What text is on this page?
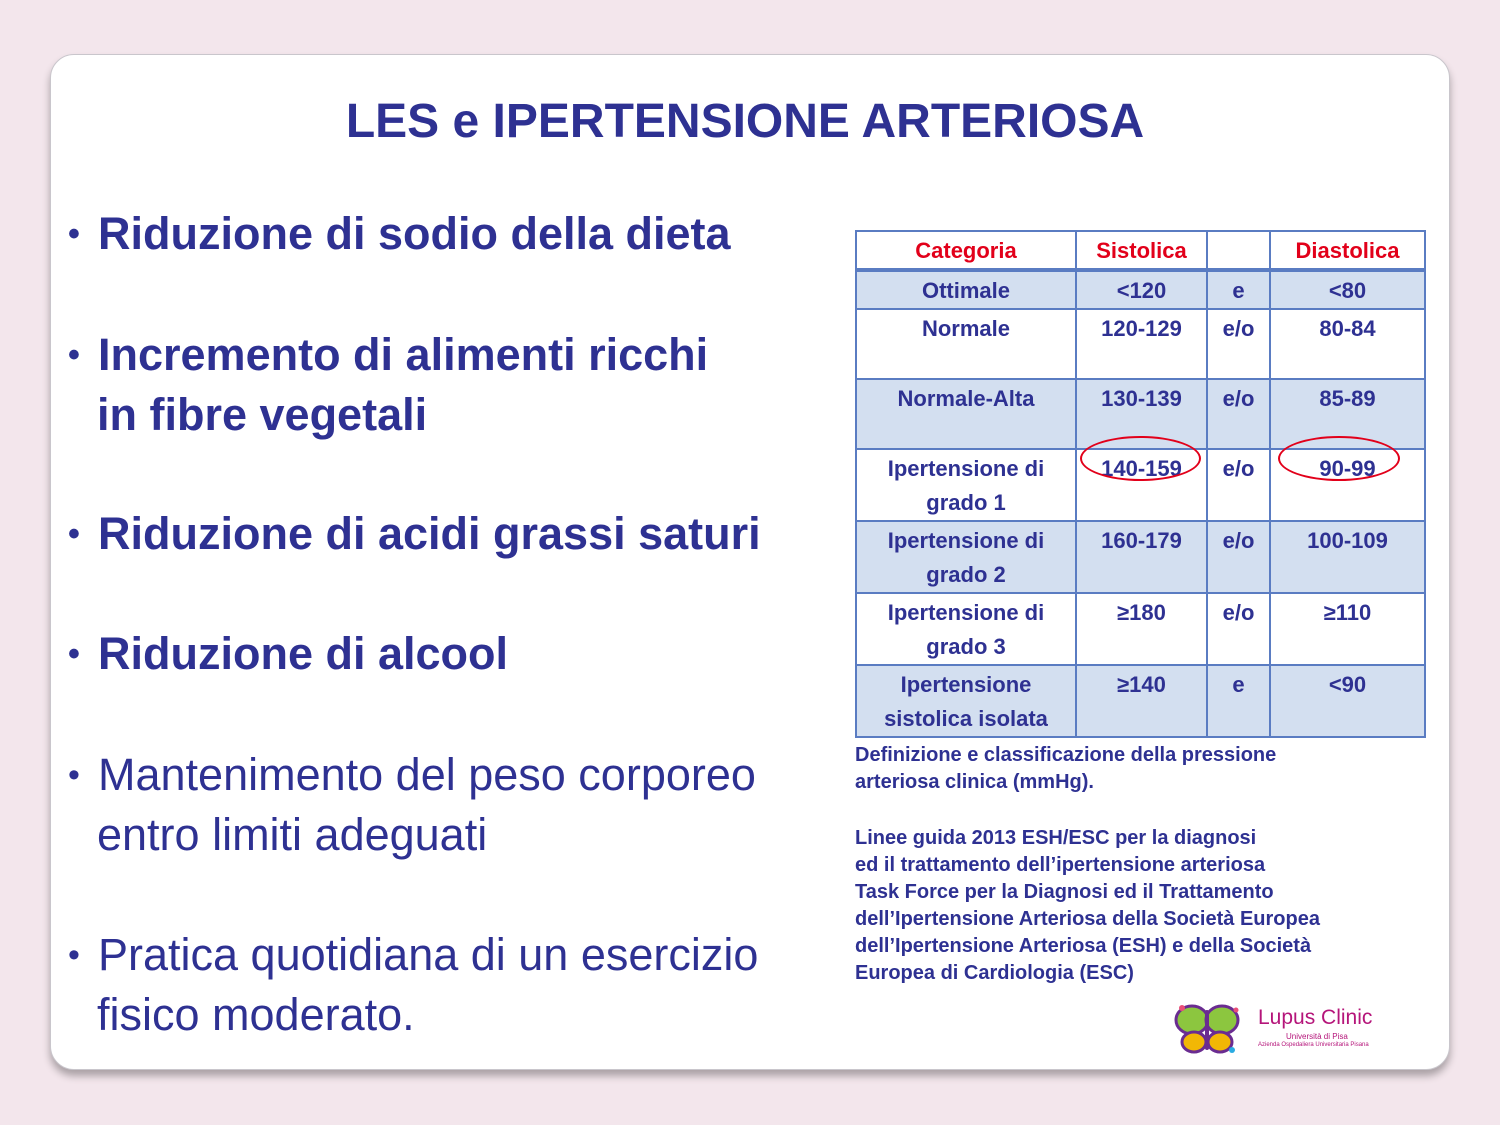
LES e IPERTENSIONE ARTERIOSA
• Riduzione di sodio della dieta
• Incremento di alimenti ricchi
in fibre vegetali
• Riduzione di acidi grassi saturi
• Riduzione di alcool
• Mantenimento del peso corporeo
entro limiti adeguati
• Pratica quotidiana di un esercizio
fisico moderato.
Categoria	Sistolica		Diastolica
Ottimale	<120	e	<80
Normale	120-129	e/o	80-84
Normale-Alta	130-139	e/o	85-89
Ipertensione di grado 1	140-159	e/o	90-99
Ipertensione di grado 2	160-179	e/o	100-109
Ipertensione di grado 3	≥180	e/o	≥110
Ipertensione sistolica isolata	≥140	e	<90
Definizione e classificazione della pressione arteriosa clinica (mmHg).
Linee guida 2013 ESH/ESC per la diagnosi
ed il trattamento dell’ipertensione arteriosa
Task Force per la Diagnosi ed il Trattamento
dell’Ipertensione Arteriosa della Società Europea
dell’Ipertensione Arteriosa (ESH) e della Società
Europea di Cardiologia (ESC)
Lupus Clinic
Università di Pisa
Azienda Ospedaliera Universitaria Pisana
